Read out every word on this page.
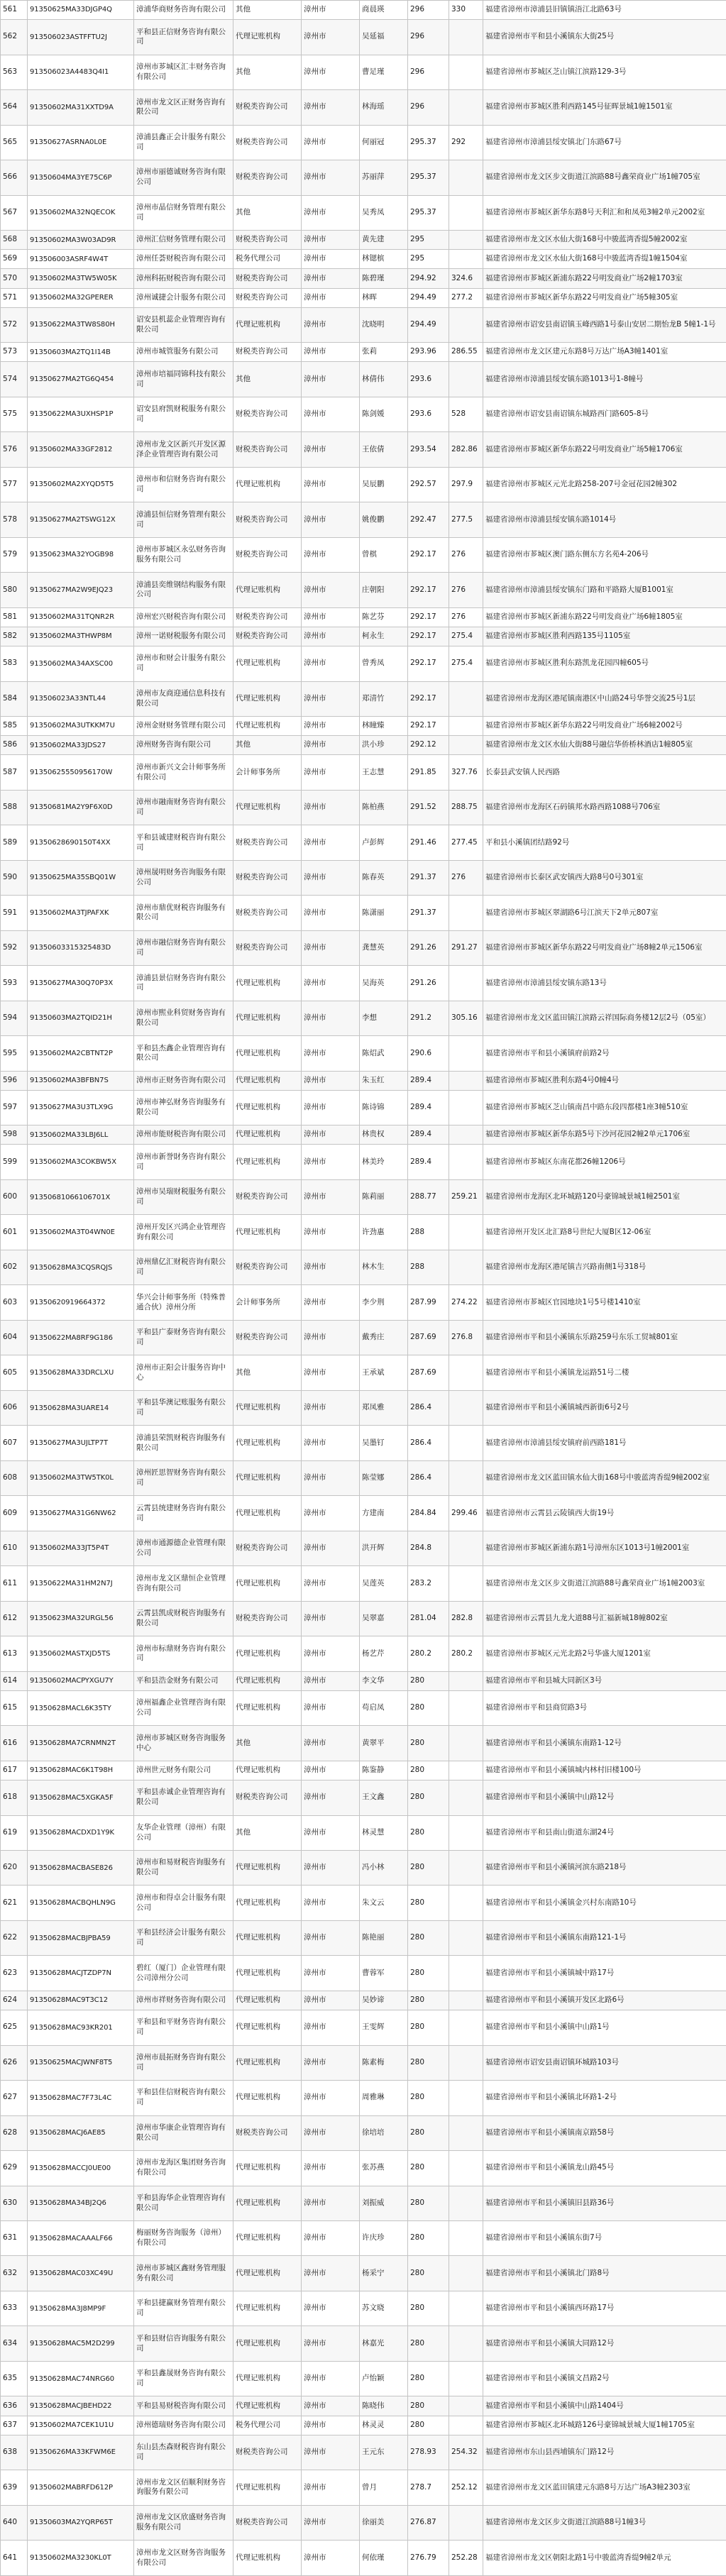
561	91350625MA33DJGP4Q	漳浦华商财务咨询有限公司	其他	漳州市	商晨瑛	296	330	福建省漳州市漳浦县旧镇镇浯江北路63号
562	913506023ASTFFTU2J	平和县正信财务咨询有限公司	代理记账机构	漳州市	吴延福	296		福建省漳州市平和县小溪镇东大街25号
563	913506023A4483Q4I1	漳州市芗城区汇丰财务咨询有限公司	其他	漳州市	曹足瑾	296		福建省漳州市芗城区芝山镇江滨路129-3号
564	91350602MA31XXTD9A	漳州市龙文区正财务咨询有限公司	财税类咨询公司	漳州市	林海瑶	296		福建省漳州市芗城区胜利西路145号征晖景城1幢1501室
565	91350627ASRNA0L0E	漳浦县鑫正会计服务有限公司	财税类咨询公司	漳州市	何丽冠	295.37	292	福建省漳州市漳浦县绥安镇北门东路67号
566	91350604MA3YE75C6P	漳州市丽德诚财务咨询有限公司	财税类咨询公司	漳州市	苏丽萍	295.37		福建省漳州市龙文区步文街道江滨路88号鑫荣商业广场1幢705室
567	91350602MA32NQECOK	漳州市晶信财务管理有限公司	其他	漳州市	吴秀凤	295.37		福建省漳州市芗城区新华东路8号天利汇和和凤苑3幢2单元2002室
568	91350602MA3W03AD9R	漳州汇信财务管理有限公司	财税类咨询公司	漳州市	黄先建	295		福建省漳州市龙文区水仙大街168号中骏蓝湾香缇5幢2002室
569	913506003ASRF4W4T	漳州任荟财税咨询有限公司	税务代理公司	漳州市	林锶槟	295		福建省漳州市龙文区水仙大街168号中骏蓝湾香缇1幢1504室
570	91350602MA3TW5W05K	漳州科拓财税咨询有限公司	财税类咨询公司	漳州市	陈碧瑾	294.92	324.6	福建省漳州市芗城区新浦东路22号明发商业广场2幢1703室
571	91350602MA32GPERER	漳州诚捷会计服务有限公司	财税类咨询公司	漳州市	林晖	294.49	277.2	福建省漳州市芗城区新华东路22号明发商业广场5幢305室
572	91350622MA3TW8S80H	诏安县机蕊企业管理咨询有限公司	代理记账机构	漳州市	沈晓明	294.49		福建省漳州市诏安县南诏镇玉峰西路1号泰山安居二期怡龙B 5幢1-1号
573	91350603MA2TQ1I14B	漳州市城管服务有限公司	财税类咨询公司	漳州市	张莉	293.96	286.55	福建省漳州市龙文区建元东路8号万达广场A3幢1401室
574	91350627MA2TG6Q454	漳州市培福同锦科技有限公司	其他	漳州市	林倩伟	293.6		福建省漳州市漳浦县绥安镇东路1013号1-8幢号
575	91350622MA3UXHSP1P	诏安县府凯财税服务有限公司	财税类咨询公司	漳州市	陈剑媛	293.6	528	福建省漳州市诏安县南诏镇东城路西门路605-8号
576	91350602MA33GF2812	漳州市龙文区新兴开发区源泽企业管理咨询有限公司	财税类咨询公司	漳州市	王依倩	293.54	282.86	福建省漳州市芗城区新华东路22号明发商业广场5幢1706室
577	91350602MA2XYQD5T5	漳州市和信财务咨询有限公司	代理记账机构	漳州市	吴辰鹏	292.57	297.9	福建省漳州市芗城区元光北路258-207号金冠花园2幢302
578	91350627MA2TSWG12X	漳浦县恒信财务管理有限公司	财税类咨询公司	漳州市	姚俊鹏	292.47	277.5	福建省漳州市漳浦县绥安镇东路1014号
579	91350623MA32YOGB98	漳州市芗城区永弘财务咨询服务有限公司	财税类咨询公司	漳州市	曾棋	292.17	276	福建省漳州市芗城区澳门路东侧东方名苑4-206号
580	91350627MA2W9EJQ23	漳浦县奕维钢结构服务有限公司	代理记账机构	漳州市	庄朝阳	292.17	276	福建省漳州市漳浦县绥安镇东门路和平路路大厦B1001室
581	91350602MA31TQNR2R	漳州宏兴财税咨询有限公司	财税类咨询公司	漳州市	陈艺芬	292.17	276	福建省漳州市芗城区新浦东路22号明发商业广场6幢1805室
582	91350602MA3THWP8M	漳州一诺财税服务有限公司	财税类咨询公司	漳州市	柯永生	292.17	275.4	福建省漳州市芗城区胜利西路135号1105室
583	91350602MA34AXSC00	漳州市和财会计服务有限公司	代理记账机构	漳州市	曾秀凤	292.17	275.4	福建省漳州市芗城区胜利东路凯龙花园四幢605号
584	913506023A33NTL44	漳州市友商迎通信息科技有限公司	代理记账机构	漳州市	郑清竹	292.17		福建省漳州市龙海区港尾镇南港区中山路24号华誉交流25号1层
585	91350602MA3UTKKM7U	漳州金财财务管理有限公司	代理记账机构	漳州市	林瞳臻	292.17		福建省漳州市芗城区新华东路22号明发商业广场6幢2002号
586	91350602MA33JDS27	漳州财务咨询有限公司	其他	漳州市	洪小珍	292.12		福建省漳州市龙文区水仙大街88号融信华侨桥林酒店1幢805室
587	91350625550956170W	漳州市新兴文会计师事务所有限公司	会计师事务所	漳州市	王志慧	291.85	327.76	长泰县武安镇人民西路
588	91350681MA2Y9F6X0D	漳州市融南财务咨询有限公司	代理记账机构	漳州市	陈柏燕	291.52	288.75	福建省漳州市龙海区石码镇邦水路西路1088号706室
589	91350628690150T4XX	平和县诚建财税咨询有限公司	财税类咨询公司	漳州市	卢彭辉	291.46	277.45	平和县小溪镇团结路92号
590	91350625MA35SBQ01W	漳州晟明财务咨询服务有限公司	财税类咨询公司	漳州市	陈春英	291.37	276	福建省漳州市长泰区武安镇西大路8号0号301室
591	91350602MA3TJPAFXK	漳州市鼎优财税咨询服务有限公司	财税类咨询公司	漳州市	陈潇丽	291.37		福建省漳州市芗城区翠湖路6号江滨天下2单元807室
592	91350603315325483D	漳州市融信财务咨询有限公司	财税类咨询公司	漳州市	龚慧英	291.26	291.27	福建省漳州市芗城区新华东路22号明发商业广场8幢2单元1506室
593	91350627MA30Q70P3X	漳浦县景信财务咨询有限公司	代理记账机构	漳州市	吴海英	291.26		福建省漳州市漳浦县绥安镇东路13号
594	91350603MA2TQID21H	漳州市熙业科贸财务咨询有限公司	代理记账机构	漳州市	李想	291.2	305.16	福建省漳州市龙文区蓝田镇江滨路云祥国际商务楼12层2号（05室）
595	91350602MA2CBTNT2P	平和县杰鑫企业管理咨询有限公司	代理记账机构	漳州市	陈炤武	290.6		福建省漳州市平和县小溪镇府前路2号
596	91350602MA3BFBN7S	漳州市正财务咨询有限公司	代理记账机构	漳州市	朱玉红	289.4		福建省漳州市芗城区胜利东路4号0幢4号
597	91350627MA3U3TLX9G	漳州市神弘财务咨询服务有限公司	代理记账机构	漳州市	陈诗锦	289.4		福建省漳州市芗城区芝山镇南昌中路东段四都楼1座3幢510室
598	91350602MA33LBJ6LL	漳州市能财税咨询有限公司	代理记账机构	漳州市	林贵权	289.4		福建省漳州市芗城区新华东路5号下沙河花园2幢2单元1706室
599	91350602MA3COKBW5X	漳州市新誉財务咨询有限公司	代理记账机构	漳州市	林美玲	289.4		福建省漳州市芗城区东南花都26幢1206号
600	91350681066106701X	漳州市吴瑞财税服务有限公司	财税类咨询公司	漳州市	陈莉丽	288.77	259.21	福建省漳州市龙海区北环城路120号豪锦城景城1幢2501室
601	91350602MA3T04WN0E	漳州开发区兴鸿企业管理咨询有限公司	代理记账机构	漳州市	许劲惠	288		福建省漳州开发区北汇路8号世纪大厦B区12-06室
602	91350628MA3CQSRQJS	漳州鼎亿汇财税咨询有限公司	财税类咨询公司	漳州市	林木生	288		福建省漳州市龙海区港尾镇吉兴路南侧1号318号
603	91350620919664372	华兴会计师事务所（特殊普通合伙）漳州分所	会计师事务所	漳州市	李少荆	287.99	274.22	福建省漳州市芗城区官园地块1号5号楼1410室
604	91350622MA8RF9G186	平和县广泰财务咨询有限公司	财税类咨询公司	漳州市	戴秀庄	287.69	276.8	福建省漳州市平和县小溪镇东乐路259号东乐工贸城801室
605	91350628MA33DRCLXU	漳州市正阳会计服务咨询中心	其他	漳州市	王承斌	287.69		福建省漳州市平和县小溪镇龙运路51号二楼
606	91350628MA3UARE14	平和县华澳记账服务有限公司	代理记账机构	漳州市	郑凤雅	286.4		福建省漳州市平和县小溪镇城西新街6号2号
607	91350627MA3UJLTP7T	漳浦县荣凯财税咨询服务有限公司	代理记账机构	漳州市	吴墨钉	286.4		福建省漳州市漳浦县绥安镇府前西路181号
608	91350602MA3TW5TK0L	漳州匠思智财务咨询有限公司	代理记账机构	漳州市	陈莹娜	286.4		福建省漳州市龙文区蓝田镇水仙大街168号中骏蓝湾香缇9幢2002室
609	91350627MA31G6NW62	云霄县统建财务咨询有限公司	代理记账机构	漳州市	方建南	284.84	299.46	福建省漳州市云霄县云陵镇西大街19号
610	91350602MA33JT5P4T	漳州市通源德企业管理有限公司	财税类咨询公司	漳州市	洪开辉	284.8		福建省漳州市芗城区新浦东路1号漳州东区1013号1幢2001室
611	91350622MA31HM2N7J	漳州市龙文区鼎恒企业管理咨询有限公司	代理记账机构	漳州市	吴莲英	283.2		福建省漳州市龙文区步文街道江滨路88号鑫荣商业广场1幢2003室
612	91350623MA32URGL56	云霄县凯成财税咨询服务有限公司	财税类咨询公司	漳州市	吴翠嘉	281.04	282.8	福建省漳州市云霄县九龙大道88号汇福新城18幢802室
613	91350602MASTXJD5TS	漳州市标鼎财务咨询有限公司	代理记账机构	漳州市	杨艺芹	280.2	280.2	福建省漳州市芗城区元光北路2号华盛大厦1201室
614	91350602MACPYXGU7Y	平和县浩金财务有限公司	代理记账机构	漳州市	李文华	280		福建省漳州市平和县城大同新区3号
615	91350628MACL6K35TY	漳州福鑫企业管理咨询有限公司	代理记账机构	漳州市	苟启凤	280		福建省漳州市平和县商贸路3号
616	91350628MA7CRNMN2T	漳州市芗城区财务咨询服务中心	其他	漳州市	黄翠平	280		福建省漳州市平和县小溪镇东南路1-12号
617	91350628MAC6K1T98H	漳州世元财务有限公司	代理记账机构	漳州市	陈鉴静	280		福建省漳州市平和县小溪镇城内林村旧楼100号
618	91350628MAC5XGKA5F	平和县赤诚企业管理咨询有限公司	财税类咨询公司	漳州市	王文鑫	280		福建省漳州市平和县小溪镇中山路12号
619	91350628MACDXD1Y9K	友华企业管理（漳州）有限公司	其他	漳州市	林灵慧	280		福建省漳州市平和县南山街道东湖24号
620	91350628MACBASE826	漳州市和易财税咨询服务有限公司	代理记账机构	漳州市	冯小林	280		福建省漳州市平和县小溪镇河滨东路218号
621	91350628MACBQHLN9G	漳州市和得卓会计服务有限公司	代理记账机构	漳州市	朱文云	280		福建省漳州市平和县小溪镇金兴村东南路10号
622	91350628MACBJPBA59	平和县经济会计服务有限公司	代理记账机构	漳州市	陈艳丽	280		福建省漳州市平和县小溪镇东南路121-1号
623	91350628MACJTZDP7N	碧红（厦门）企业管理有限公司漳州分公司	代理记账机构	漳州市	曹蓉军	280		福建省漳州市平和县小溪镇城中路17号
624	91350628MAC9T3C12	漳州市祥财务咨询有限公司	代理记账机构	漳州市	吴妙谛	280		福建省漳州市平和县小溪镇开发区北路6号
625	91350628MAC93KR201	平和县和平财务咨询有限公司	代理记账机构	漳州市	王雯辉	280		福建省漳州市平和县小溪镇中山路1号
626	91350625MACJWNF8T5	漳州市晨拓财务咨询有限公司	代理记账机构	漳州市	陈素梅	280		福建省漳州市诏安县南诏镇环城路103号
627	91350628MAC7F73L4C	平和县佳信财税咨询有限公司	代理记账机构	漳州市	周雅琳	280		福建省漳州市平和县小溪镇北环路1-2号
628	91350628MACJ6AE85	漳州市华康企业管理咨询有限公司	财税类咨询公司	漳州市	徐培培	280		福建省漳州市平和县小溪镇南京路58号
629	91350628MACCJ0UE00	漳州市龙海区集团财务咨询有限公司	代理记账机构	漳州市	张苏燕	280		福建省漳州市平和县小溪镇龙山路45号
630	91350628MA34BJ2Q6	平和县海华企业管理咨询有限公司	代理记账机构	漳州市	刘振威	280		福建省漳州市平和县小溪镇旧县路36号
631	91350628MACAAALF66	梅丽财务咨询服务（漳州）有限公司	代理记账机构	漳州市	许庆珍	280		福建省漳州市平和县小溪镇东街7号
632	91350628MAC03XC49U	漳州市芗城区鑫财务管理服务有限公司	代理记账机构	漳州市	杨采宁	280		福建省漳州市平和县小溪镇北门路8号
633	91350628MA3J8MP9F	平和县捷赢财务管理有限公司	代理记账机构	漳州市	苏文晓	280		福建省漳州市平和县小溪镇西环路17号
634	91350628MAC5M2D299	平和县财信咨询服务有限公司	代理记账机构	漳州市	林嘉光	280		福建省漳州市平和县小溪镇大同路12号
635	91350628MAC74NRG60	平和县鑫晟财务咨询有限公司	代理记账机构	漳州市	卢怡颖	280		福建省漳州市平和县小溪镇文昌路2号
636	91350628MACJBEHD22	平和县易财税咨询有限公司	代理记账机构	漳州市	陈晓伟	280		福建省漳州市平和县小溪镇中山路1404号
637	91350602MA7CEK1U1U	漳州德瑞财务咨询有限公司	税务代理公司	漳州市	林灵灵	280		福建省漳州市芗城区北环城路126号豪锦城景城大厦1幢1705室
638	91350626MA33KFWM6E	东山县杰森财税咨询有限公司	财税类咨询公司	漳州市	王元东	278.93	254.32	福建省漳州市东山县西埔镇东门路12号
639	91350602MABRFD612P	漳州市龙文区佰顺利财务咨询服务有限公司	代理记账机构	漳州市	曾月	278.7	252.12	福建省漳州市龙文区蓝田镇建元东路8号万达广场A3幢2303室
640	91350603MA2YQRP65T	漳州市龙文区欣盛财务咨询服务有限公司	财税类咨询公司	漳州市	徐丽美	276.87		福建省漳州市龙文区步文街道江滨路88号1幢3号
641	91350602MA3230KL0T	漳州市龙文区财务咨询服务有限公司	代理记账机构	漳州市	何依瑾	276.79	252.28	福建省漳州市龙文区朝阳北路1号中骏蓝湾香缇9幢2单元
